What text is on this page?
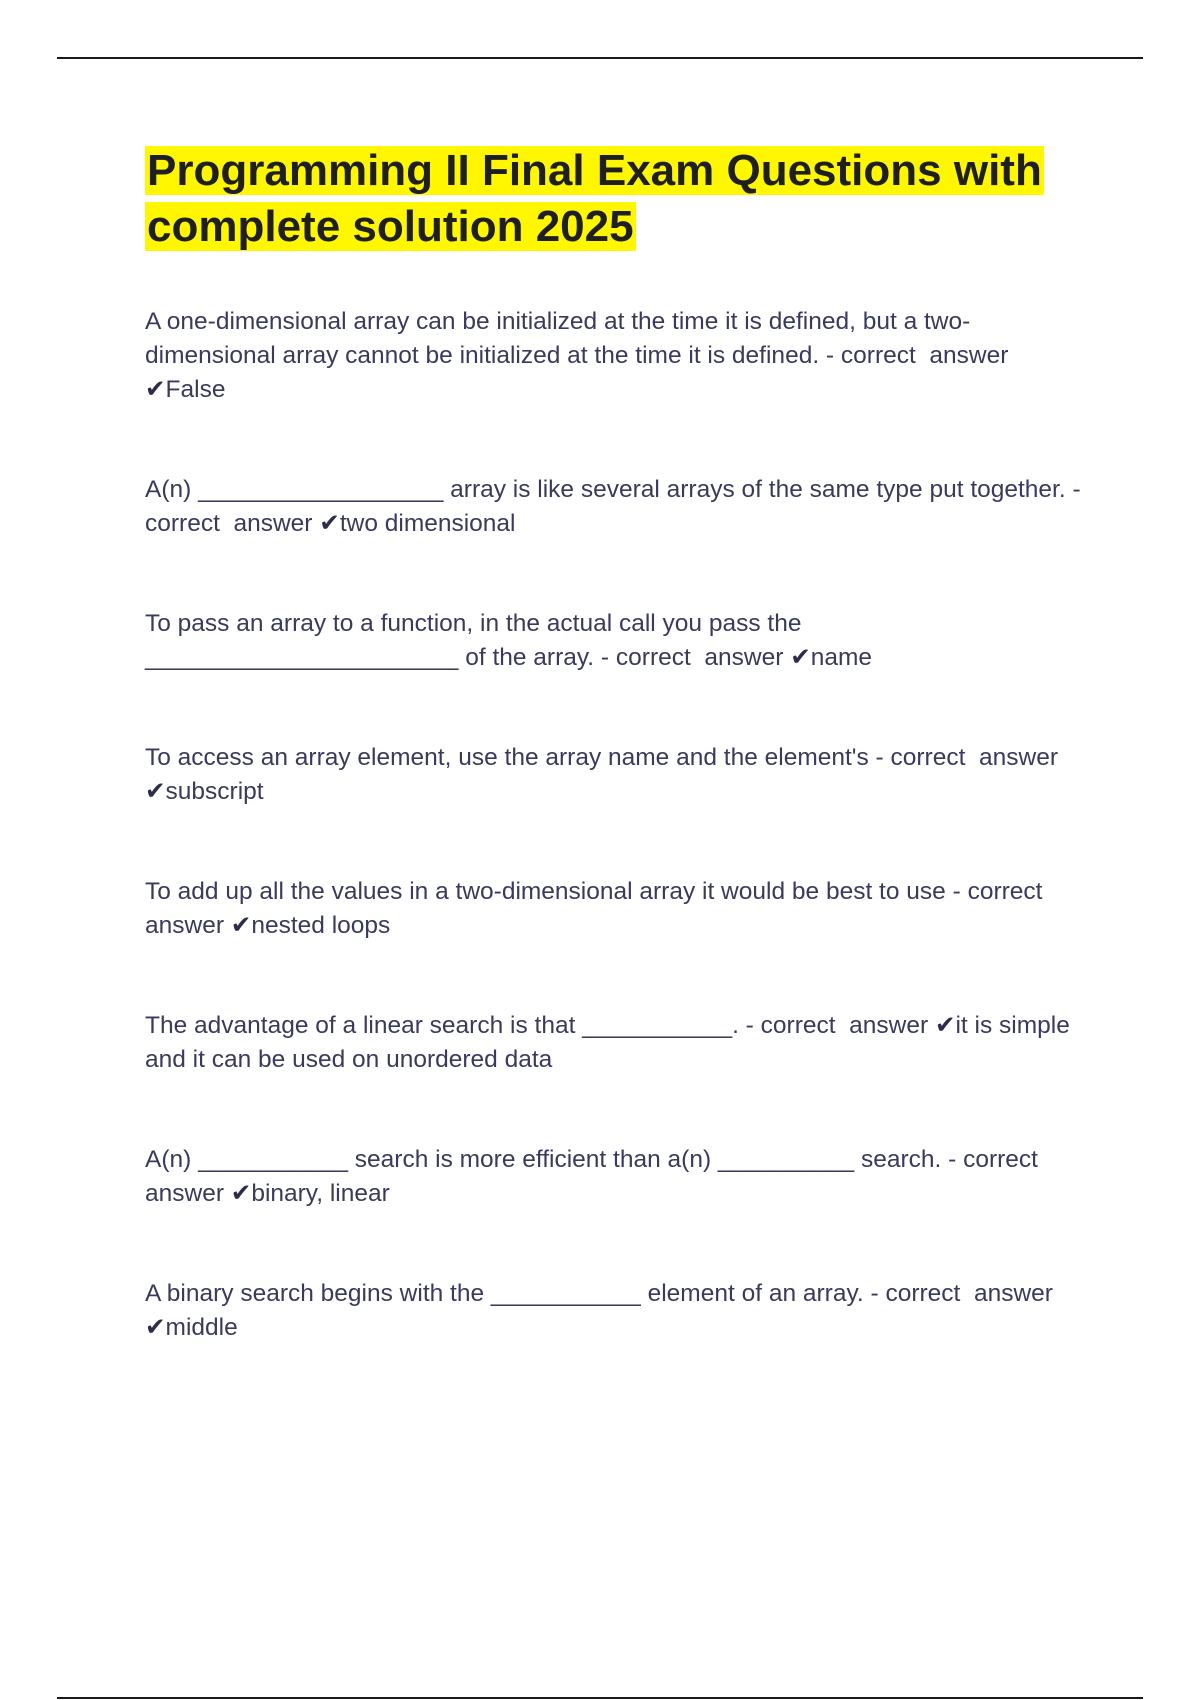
Programming II Final Exam Questions with complete solution 2025

A one-dimensional array can be initialized at the time it is defined, but a two-dimensional array cannot be initialized at the time it is defined. - correct  answer ✔False

A(n) __________________ array is like several arrays of the same type put together. - correct  answer ✔two dimensional

To pass an array to a function, in the actual call you pass the _______________________ of the array. - correct  answer ✔name

To access an array element, use the array name and the element's - correct  answer ✔subscript

To add up all the values in a two-dimensional array it would be best to use - correct  answer ✔nested loops

The advantage of a linear search is that ___________. - correct  answer ✔it is simple and it can be used on unordered data

A(n) ___________ search is more efficient than a(n) __________ search. - correct  answer ✔binary, linear

A binary search begins with the ___________ element of an array. - correct  answer ✔middle
